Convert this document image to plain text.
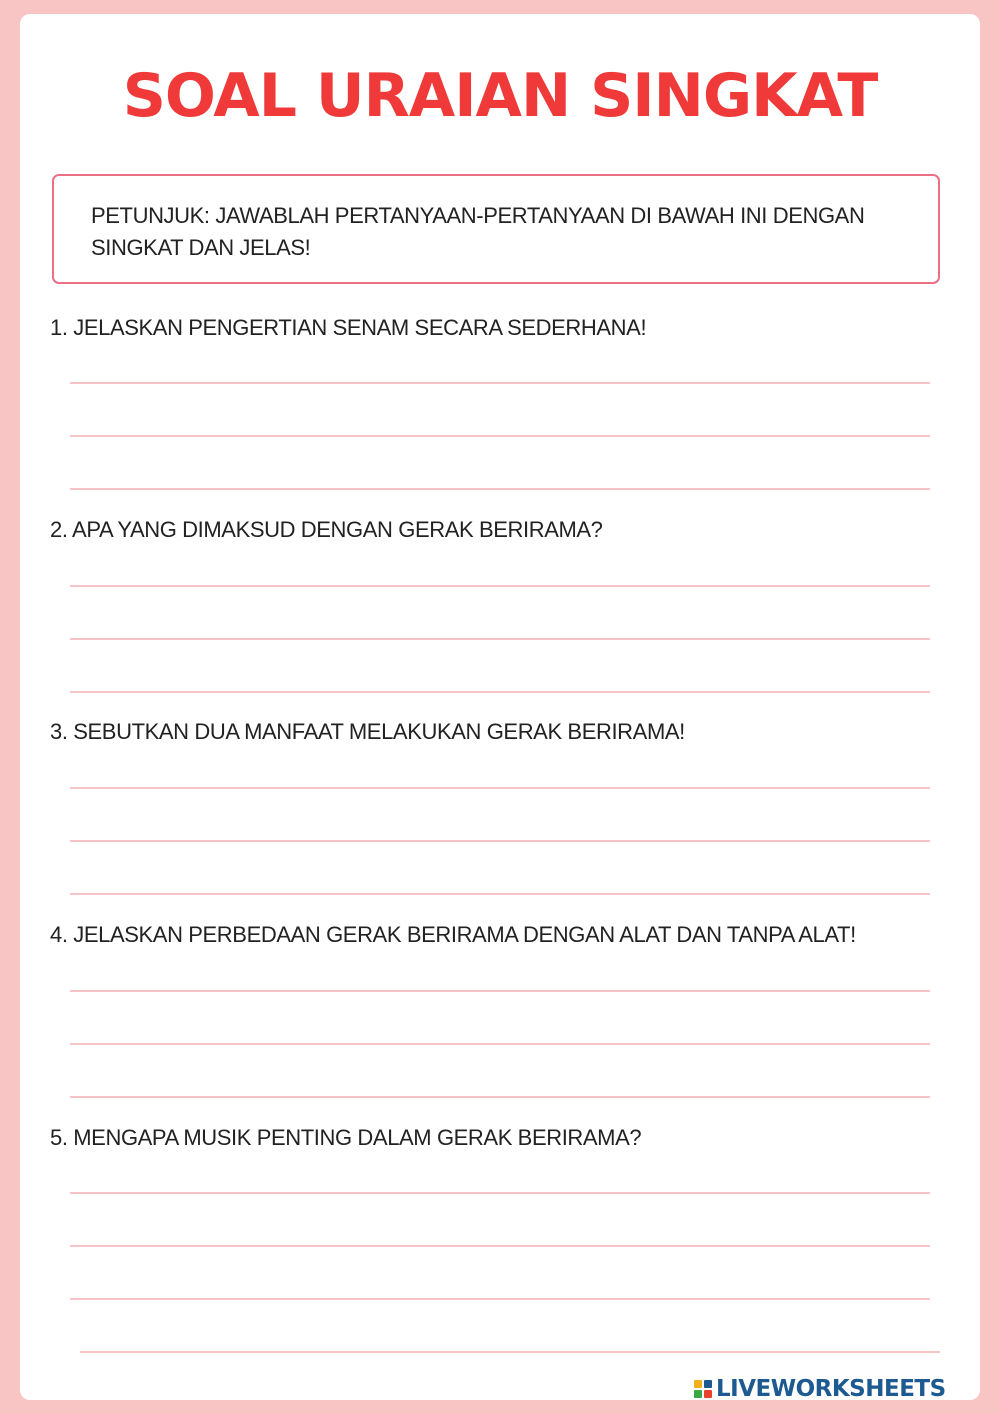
SOAL URAIAN SINGKAT
PETUNJUK: JAWABLAH PERTANYAAN-PERTANYAAN DI BAWAH INI DENGAN SINGKAT DAN JELAS!
1. JELASKAN PENGERTIAN SENAM SECARA SEDERHANA!
2. APA YANG DIMAKSUD DENGAN GERAK BERIRAMA?
3. SEBUTKAN DUA MANFAAT MELAKUKAN GERAK BERIRAMA!
4. JELASKAN PERBEDAAN GERAK BERIRAMA DENGAN ALAT DAN TANPA ALAT!
5. MENGAPA MUSIK PENTING DALAM GERAK BERIRAMA?
LIVEWORKSHEETS
